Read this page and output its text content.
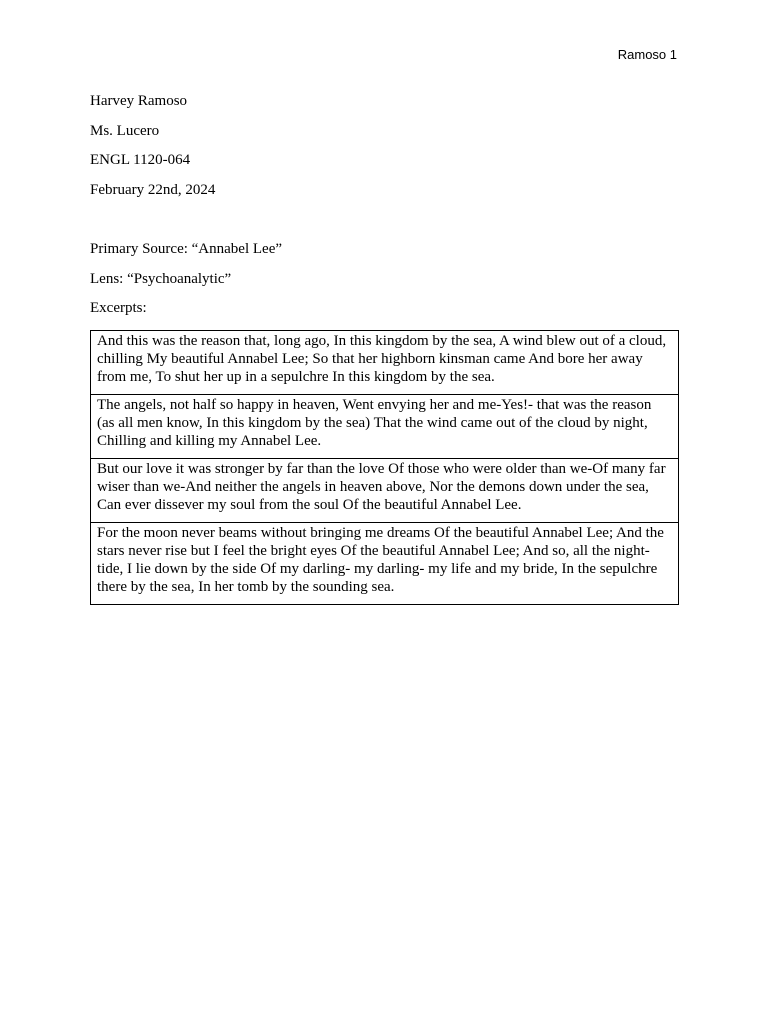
Ramoso 1
Harvey Ramoso
Ms. Lucero
ENGL 1120-064
February 22nd, 2024
Primary Source: “Annabel Lee”
Lens: “Psychoanalytic”
Excerpts:
And this was the reason that, long ago, In this kingdom by the sea, A wind blew out of a cloud, chilling My beautiful Annabel Lee; So that her highborn kinsman came And bore her away from me, To shut her up in a sepulchre In this kingdom by the sea.
The angels, not half so happy in heaven, Went envying her and me-Yes!- that was the reason (as all men know, In this kingdom by the sea) That the wind came out of the cloud by night, Chilling and killing my Annabel Lee.
But our love it was stronger by far than the love Of those who were older than we-Of many far wiser than we-And neither the angels in heaven above, Nor the demons down under the sea, Can ever dissever my soul from the soul Of the beautiful Annabel Lee.
For the moon never beams without bringing me dreams Of the beautiful Annabel Lee; And the stars never rise but I feel the bright eyes Of the beautiful Annabel Lee; And so, all the night-tide, I lie down by the side Of my darling- my darling- my life and my bride, In the sepulchre there by the sea, In her tomb by the sounding sea.
